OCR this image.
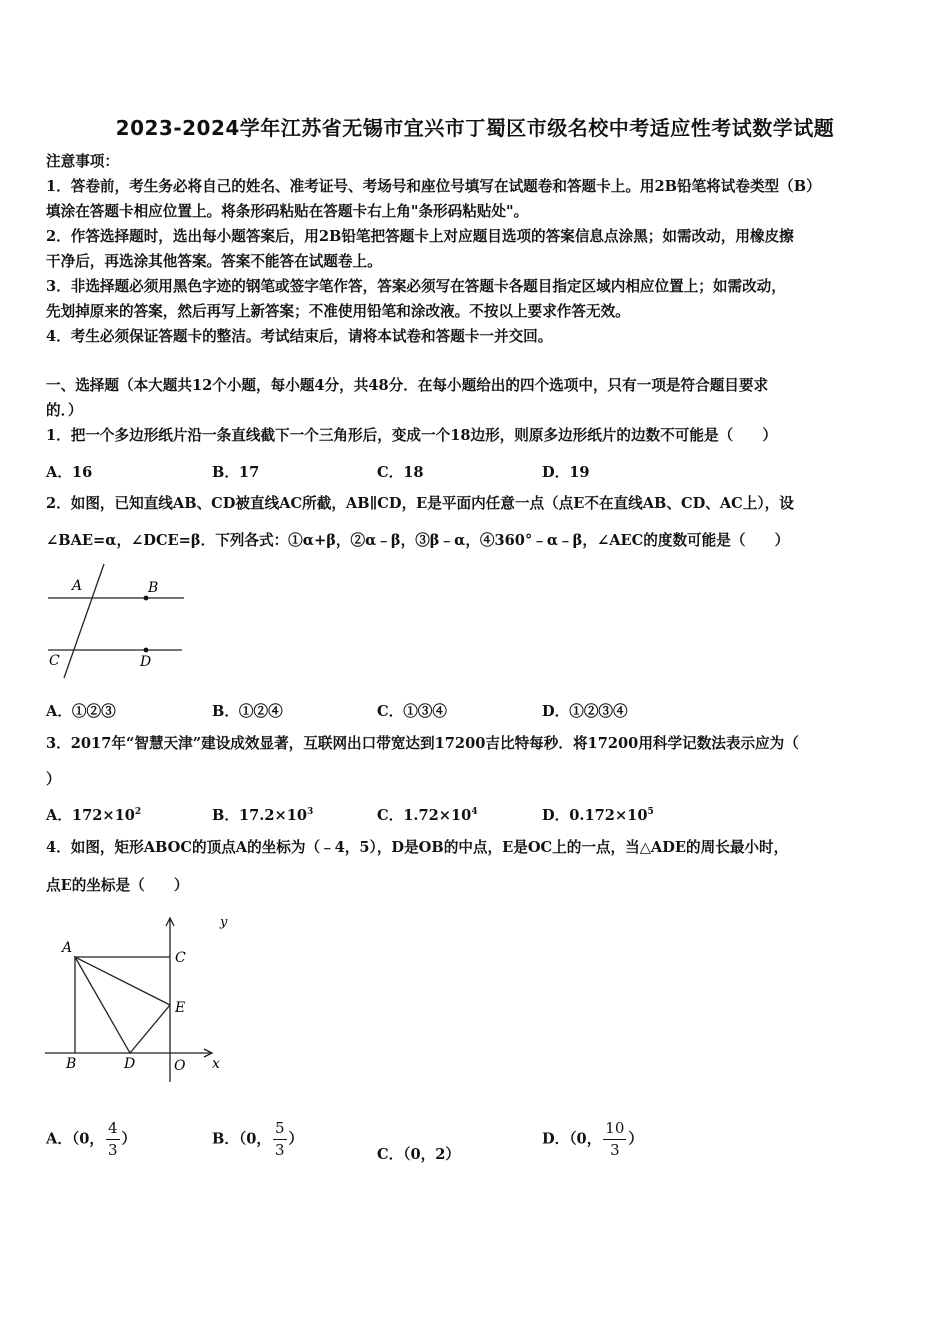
2023-2024学年江苏省无锡市宜兴市丁蜀区市级名校中考适应性考试数学试题
注意事项：
1．答卷前，考生务必将自己的姓名、准考证号、考场号和座位号填写在试题卷和答题卡上。用2B铅笔将试卷类型（B）
填涂在答题卡相应位置上。将条形码粘贴在答题卡右上角"条形码粘贴处"。
2．作答选择题时，选出每小题答案后，用2B铅笔把答题卡上对应题目选项的答案信息点涂黑；如需改动，用橡皮擦
干净后，再选涂其他答案。答案不能答在试题卷上。
3．非选择题必须用黑色字迹的钢笔或签字笔作答，答案必须写在答题卡各题目指定区域内相应位置上；如需改动，
先划掉原来的答案，然后再写上新答案；不准使用铅笔和涂改液。不按以上要求作答无效。
4．考生必须保证答题卡的整洁。考试结束后，请将本试卷和答题卡一并交回。
一、选择题（本大题共12个小题，每小题4分，共48分．在每小题给出的四个选项中，只有一项是符合题目要求
的．）
1．把一个多边形纸片沿一条直线截下一个三角形后，变成一个18边形，则原多边形纸片的边数不可能是（　　）
A．16	B．17	C．18	D．19
2．如图，已知直线AB、CD被直线AC所截，AB∥CD，E是平面内任意一点（点E不在直线AB、CD、AC上），设
∠BAE=α，∠DCE=β．下列各式：①α+β，②α﹣β，③β﹣α，④360°﹣α﹣β，∠AEC的度数可能是（　　）
A	B
C	D
A．①②③	B．①②④	C．①③④	D．①②③④
3．2017年“智慧天津”建设成效显著，互联网出口带宽达到17200吉比特每秒．将17200用科学记数法表示应为（
）
A．$172\times 10^2$	B．$17.2\times 10^3$	C．$1.72\times 10^4$	D．$0.172\times 10^5$
4．如图，矩形ABOC的顶点A的坐标为（﹣4，5），D是OB的中点，E是OC上的一点，当△ADE的周长最小时，
点E的坐标是（　　）
y
A
C
E
B	D	O x
A．（0， $\frac{4}{3}$ ）	B．（0， $\frac{5}{3}$ ）
C．（0，2）
D．（0， $\frac{10}{3}$ ）
